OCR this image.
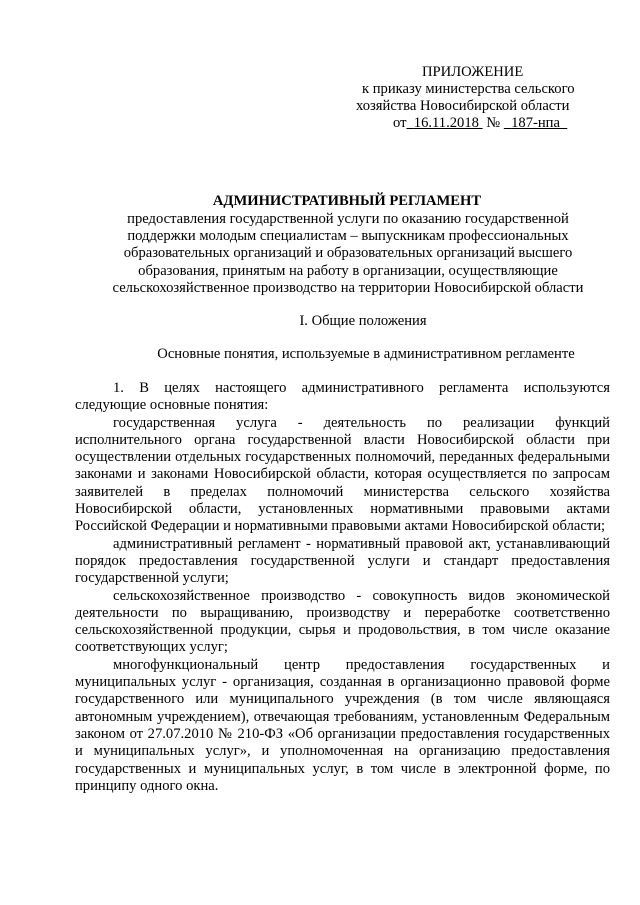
ПРИЛОЖЕНИЕ
к приказу министерства сельского
хозяйства Новосибирской области
от 16.11.2018 № 187-нпа
АДМИНИСТРАТИВНЫЙ РЕГЛАМЕНТ
предоставления государственной услуги по оказанию государственной поддержки молодым специалистам – выпускникам профессиональных образовательных организаций и образовательных организаций высшего образования, принятым на работу в организации, осуществляющие сельскохозяйственное производство на территории Новосибирской области
I. Общие положения
Основные понятия, используемые в административном регламенте

1. В целях настоящего административного регламента используются следующие основные понятия:

государственная услуга - деятельность по реализации функций исполнительного органа государственной власти Новосибирской области при осуществлении отдельных государственных полномочий, переданных федеральными законами и законами Новосибирской области, которая осуществляется по запросам заявителей в пределах полномочий министерства сельского хозяйства Новосибирской области, установленных нормативными правовыми актами Российской Федерации и нормативными правовыми актами Новосибирской области;

административный регламент - нормативный правовой акт, устанавливающий порядок предоставления государственной услуги и стандарт предоставления государственной услуги;

сельскохозяйственное производство - совокупность видов экономической деятельности по выращиванию, производству и переработке соответственно сельскохозяйственной продукции, сырья и продовольствия, в том числе оказание соответствующих услуг;

многофункциональный центр предоставления государственных и муниципальных услуг - организация, созданная в организационно правовой форме государственного или муниципального учреждения (в том числе являющаяся автономным учреждением), отвечающая требованиям, установленным Федеральным законом от 27.07.2010 № 210-ФЗ «Об организации предоставления государственных и муниципальных услуг», и уполномоченная на организацию предоставления государственных и муниципальных услуг, в том числе в электронной форме, по принципу одного окна.
